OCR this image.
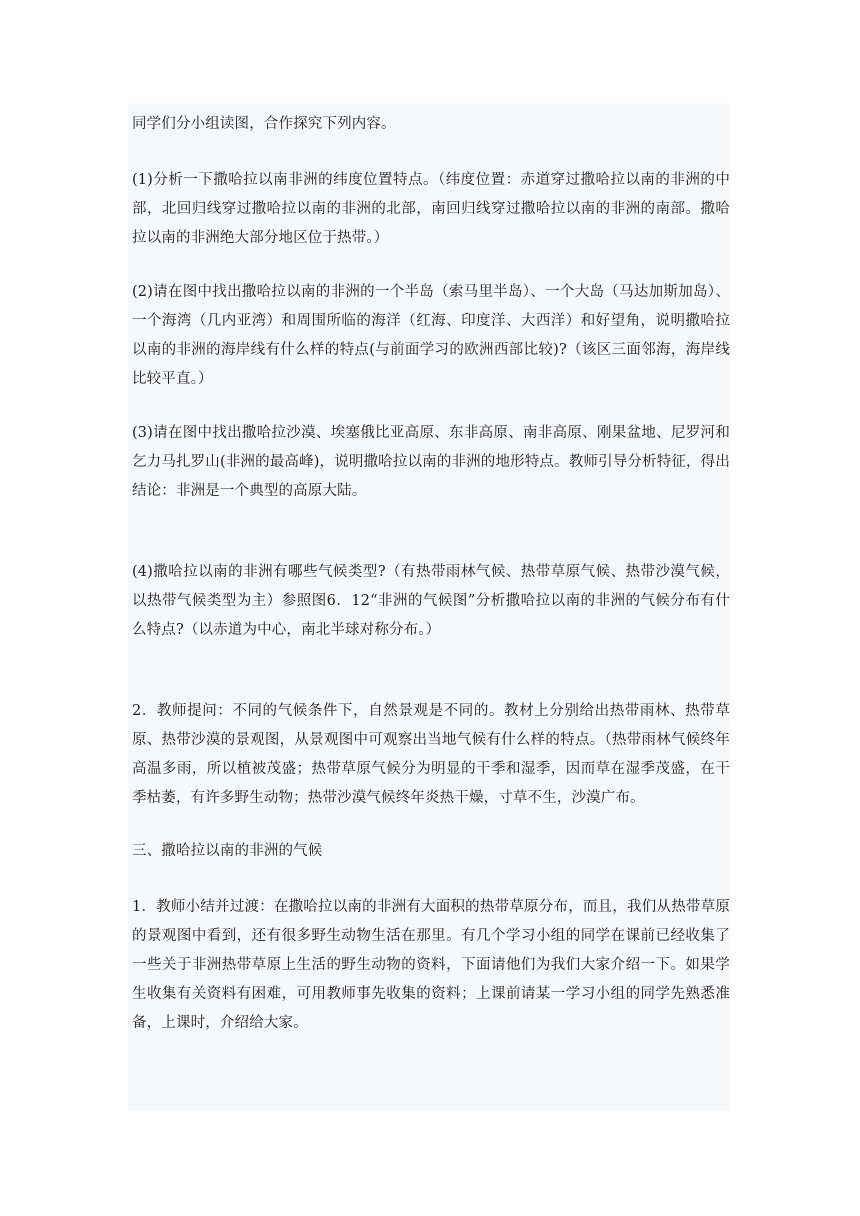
同学们分小组读图，合作探究下列内容。

(1)分析一下撒哈拉以南非洲的纬度位置特点。（纬度位置：赤道穿过撒哈拉以南的非洲的中部，北回归线穿过撒哈拉以南的非洲的北部，南回归线穿过撒哈拉以南的非洲的南部。撒哈拉以南的非洲绝大部分地区位于热带。）

(2)请在图中找出撒哈拉以南的非洲的一个半岛（索马里半岛）、一个大岛（马达加斯加岛）、一个海湾（几内亚湾）和周围所临的海洋（红海、印度洋、大西洋）和好望角，说明撒哈拉以南的非洲的海岸线有什么样的特点(与前面学习的欧洲西部比较)?（该区三面邻海，海岸线比较平直。）

(3)请在图中找出撒哈拉沙漠、埃塞俄比亚高原、东非高原、南非高原、刚果盆地、尼罗河和乞力马扎罗山(非洲的最高峰)，说明撒哈拉以南的非洲的地形特点。教师引导分析特征，得出结论：非洲是一个典型的高原大陆。

(4)撒哈拉以南的非洲有哪些气候类型?（有热带雨林气候、热带草原气候、热带沙漠气候，以热带气候类型为主）参照图6．12“非洲的气候图”分析撒哈拉以南的非洲的气候分布有什么特点?（以赤道为中心，南北半球对称分布。）

2．教师提问：不同的气候条件下，自然景观是不同的。教材上分别给出热带雨林、热带草原、热带沙漠的景观图，从景观图中可观察出当地气候有什么样的特点。（热带雨林气候终年高温多雨，所以植被茂盛；热带草原气候分为明显的干季和湿季，因而草在湿季茂盛，在干季枯萎，有许多野生动物；热带沙漠气候终年炎热干燥，寸草不生，沙漠广布。

三、撒哈拉以南的非洲的气候

1．教师小结并过渡：在撒哈拉以南的非洲有大面积的热带草原分布，而且，我们从热带草原的景观图中看到，还有很多野生动物生活在那里。有几个学习小组的同学在课前已经收集了一些关于非洲热带草原上生活的野生动物的资料，下面请他们为我们大家介绍一下。如果学生收集有关资料有困难，可用教师事先收集的资料；上课前请某一学习小组的同学先熟悉准备，上课时，介绍给大家。
